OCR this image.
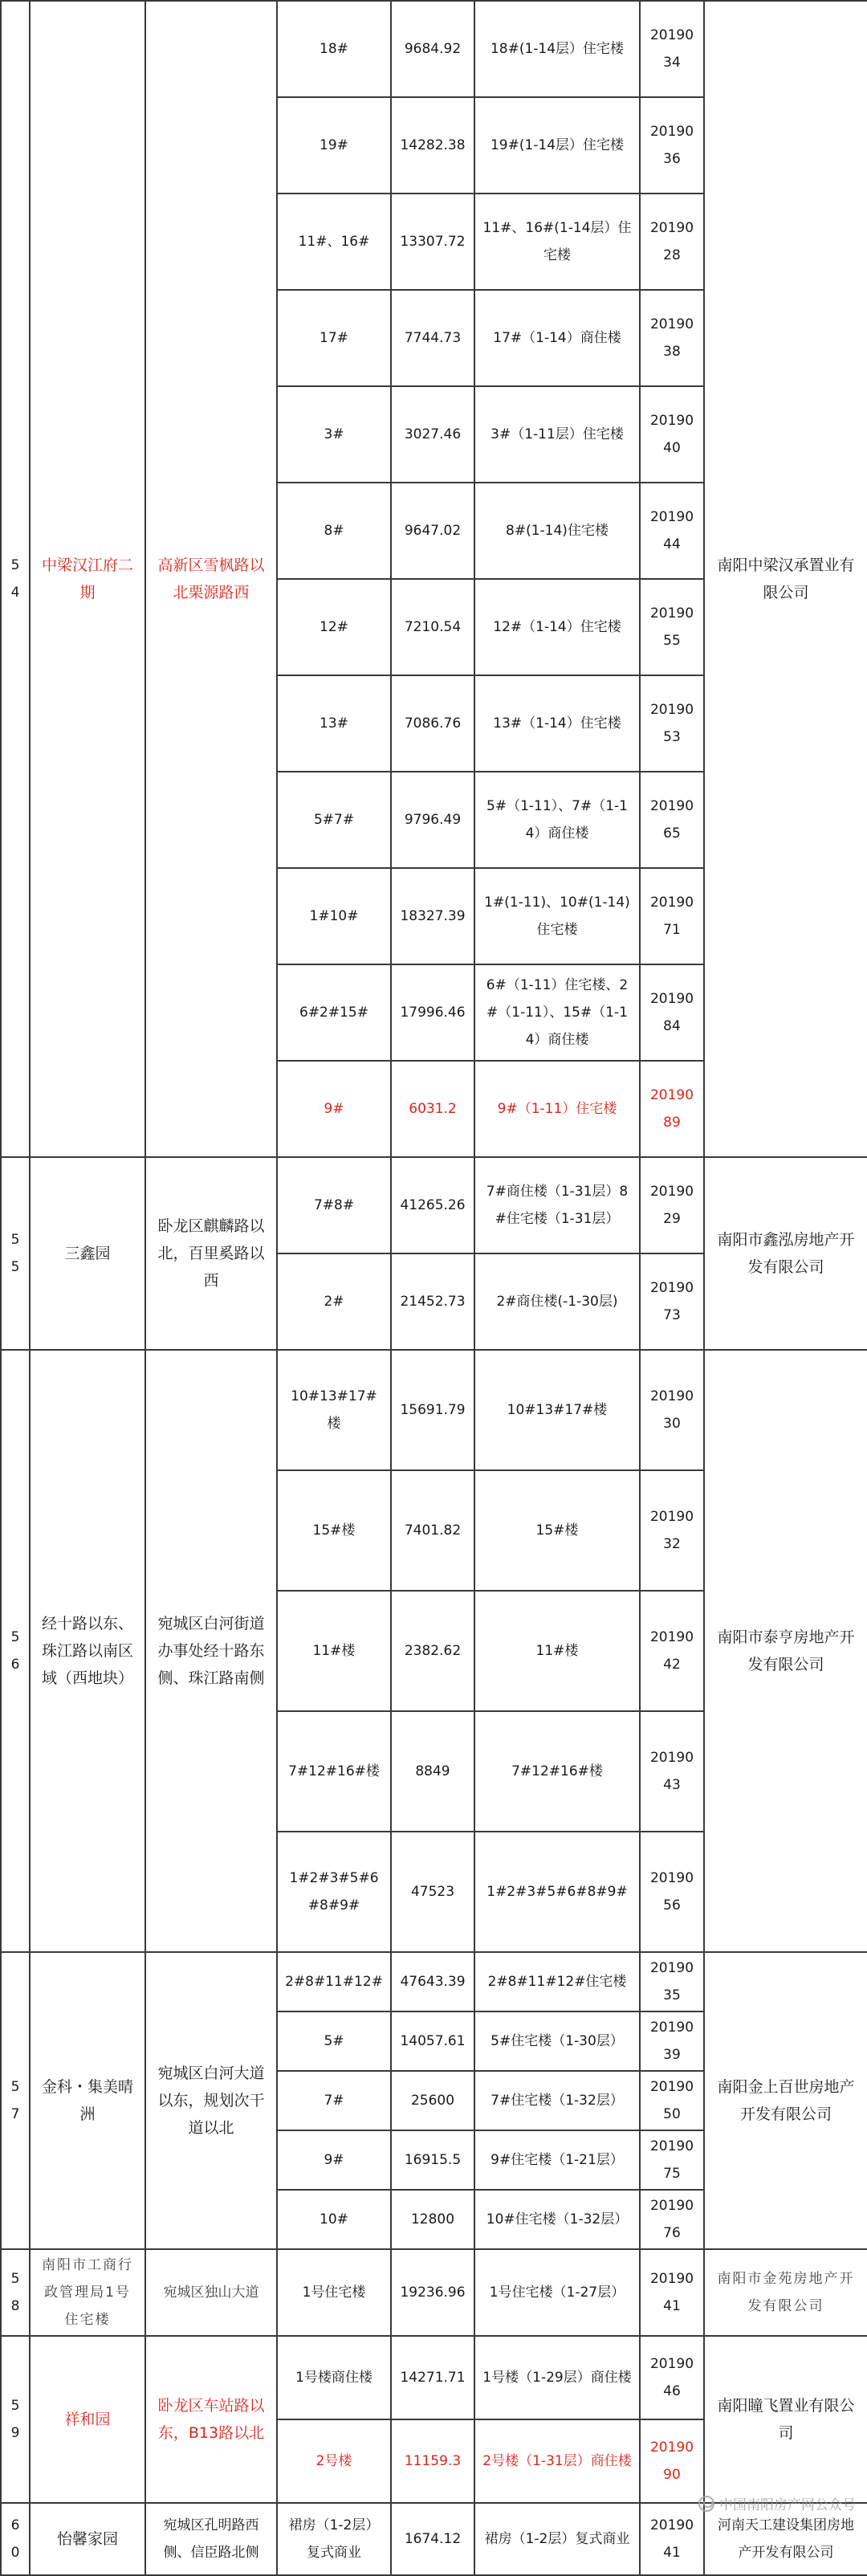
54	中梁汉江府二期	高新区雪枫路以北栗源路西	18#	9684.92	18#(1-14层）住宅楼	2019034	南阳中梁汉承置业有限公司
			19#	14282.38	19#(1-14层）住宅楼	2019036	
			11#、16#	13307.72	11#、16#(1-14层）住宅楼	2019028	
			17#	7744.73	17#（1-14）商住楼	2019038	
			3#	3027.46	3#（1-11层）住宅楼	2019040	
			8#	9647.02	8#(1-14)住宅楼	2019044	
			12#	7210.54	12#（1-14）住宅楼	2019055	
			13#	7086.76	13#（1-14）住宅楼	2019053	
			5#7#	9796.49	5#（1-11）、7#（1-14）商住楼	2019065	
			1#10#	18327.39	1#(1-11)、10#(1-14)住宅楼	2019071	
			6#2#15#	17996.46	6#（1-11）住宅楼、2#（1-11）、15#（1-14）商住楼	2019084	
			9#	6031.2	9#（1-11）住宅楼	2019089	
55	三鑫园	卧龙区麒麟路以北，百里奚路以西	7#8#	41265.26	7#商住楼（1-31层）8#住宅楼（1-31层）	2019029	南阳市鑫泓房地产开发有限公司
			2#	21452.73	2#商住楼(-1-30层)	2019073	
56	经十路以东、珠江路以南区域（西地块）	宛城区白河街道办事处经十路东侧、珠江路南侧	10#13#17#楼	15691.79	10#13#17#楼	2019030	南阳市泰亨房地产开发有限公司
			15#楼	7401.82	15#楼	2019032	
			11#楼	2382.62	11#楼	2019042	
			7#12#16#楼	8849	7#12#16#楼	2019043	
			1#2#3#5#6#8#9#	47523	1#2#3#5#6#8#9#	2019056	
57	金科・集美晴洲	宛城区白河大道以东，规划次干道以北	2#8#11#12#	47643.39	2#8#11#12#住宅楼	2019035	南阳金上百世房地产开发有限公司
			5#	14057.61	5#住宅楼（1-30层）	2019039	
			7#	25600	7#住宅楼（1-32层）	2019050	
			9#	16915.5	9#住宅楼（1-21层）	2019075	
			10#	12800	10#住宅楼（1-32层）	2019076	
58	南阳市工商行政管理局1号住宅楼	宛城区独山大道	1号住宅楼	19236.96	1号住宅楼（1-27层）	2019041	南阳市金苑房地产开发有限公司
59	祥和园	卧龙区车站路以东，B13路以北	1号楼商住楼	14271.71	1号楼（1-29层）商住楼	2019046	南阳瞳飞置业有限公司
			2号楼	11159.3	2号楼（1-31层）商住楼	2019090	
60	怡馨家园	宛城区孔明路西侧、信臣路北侧	裙房（1-2层）复式商业	1674.12	裙房（1-2层）复式商业	2019041	河南天工建设集团房地产开发有限公司
中国南阳房产网公众号
